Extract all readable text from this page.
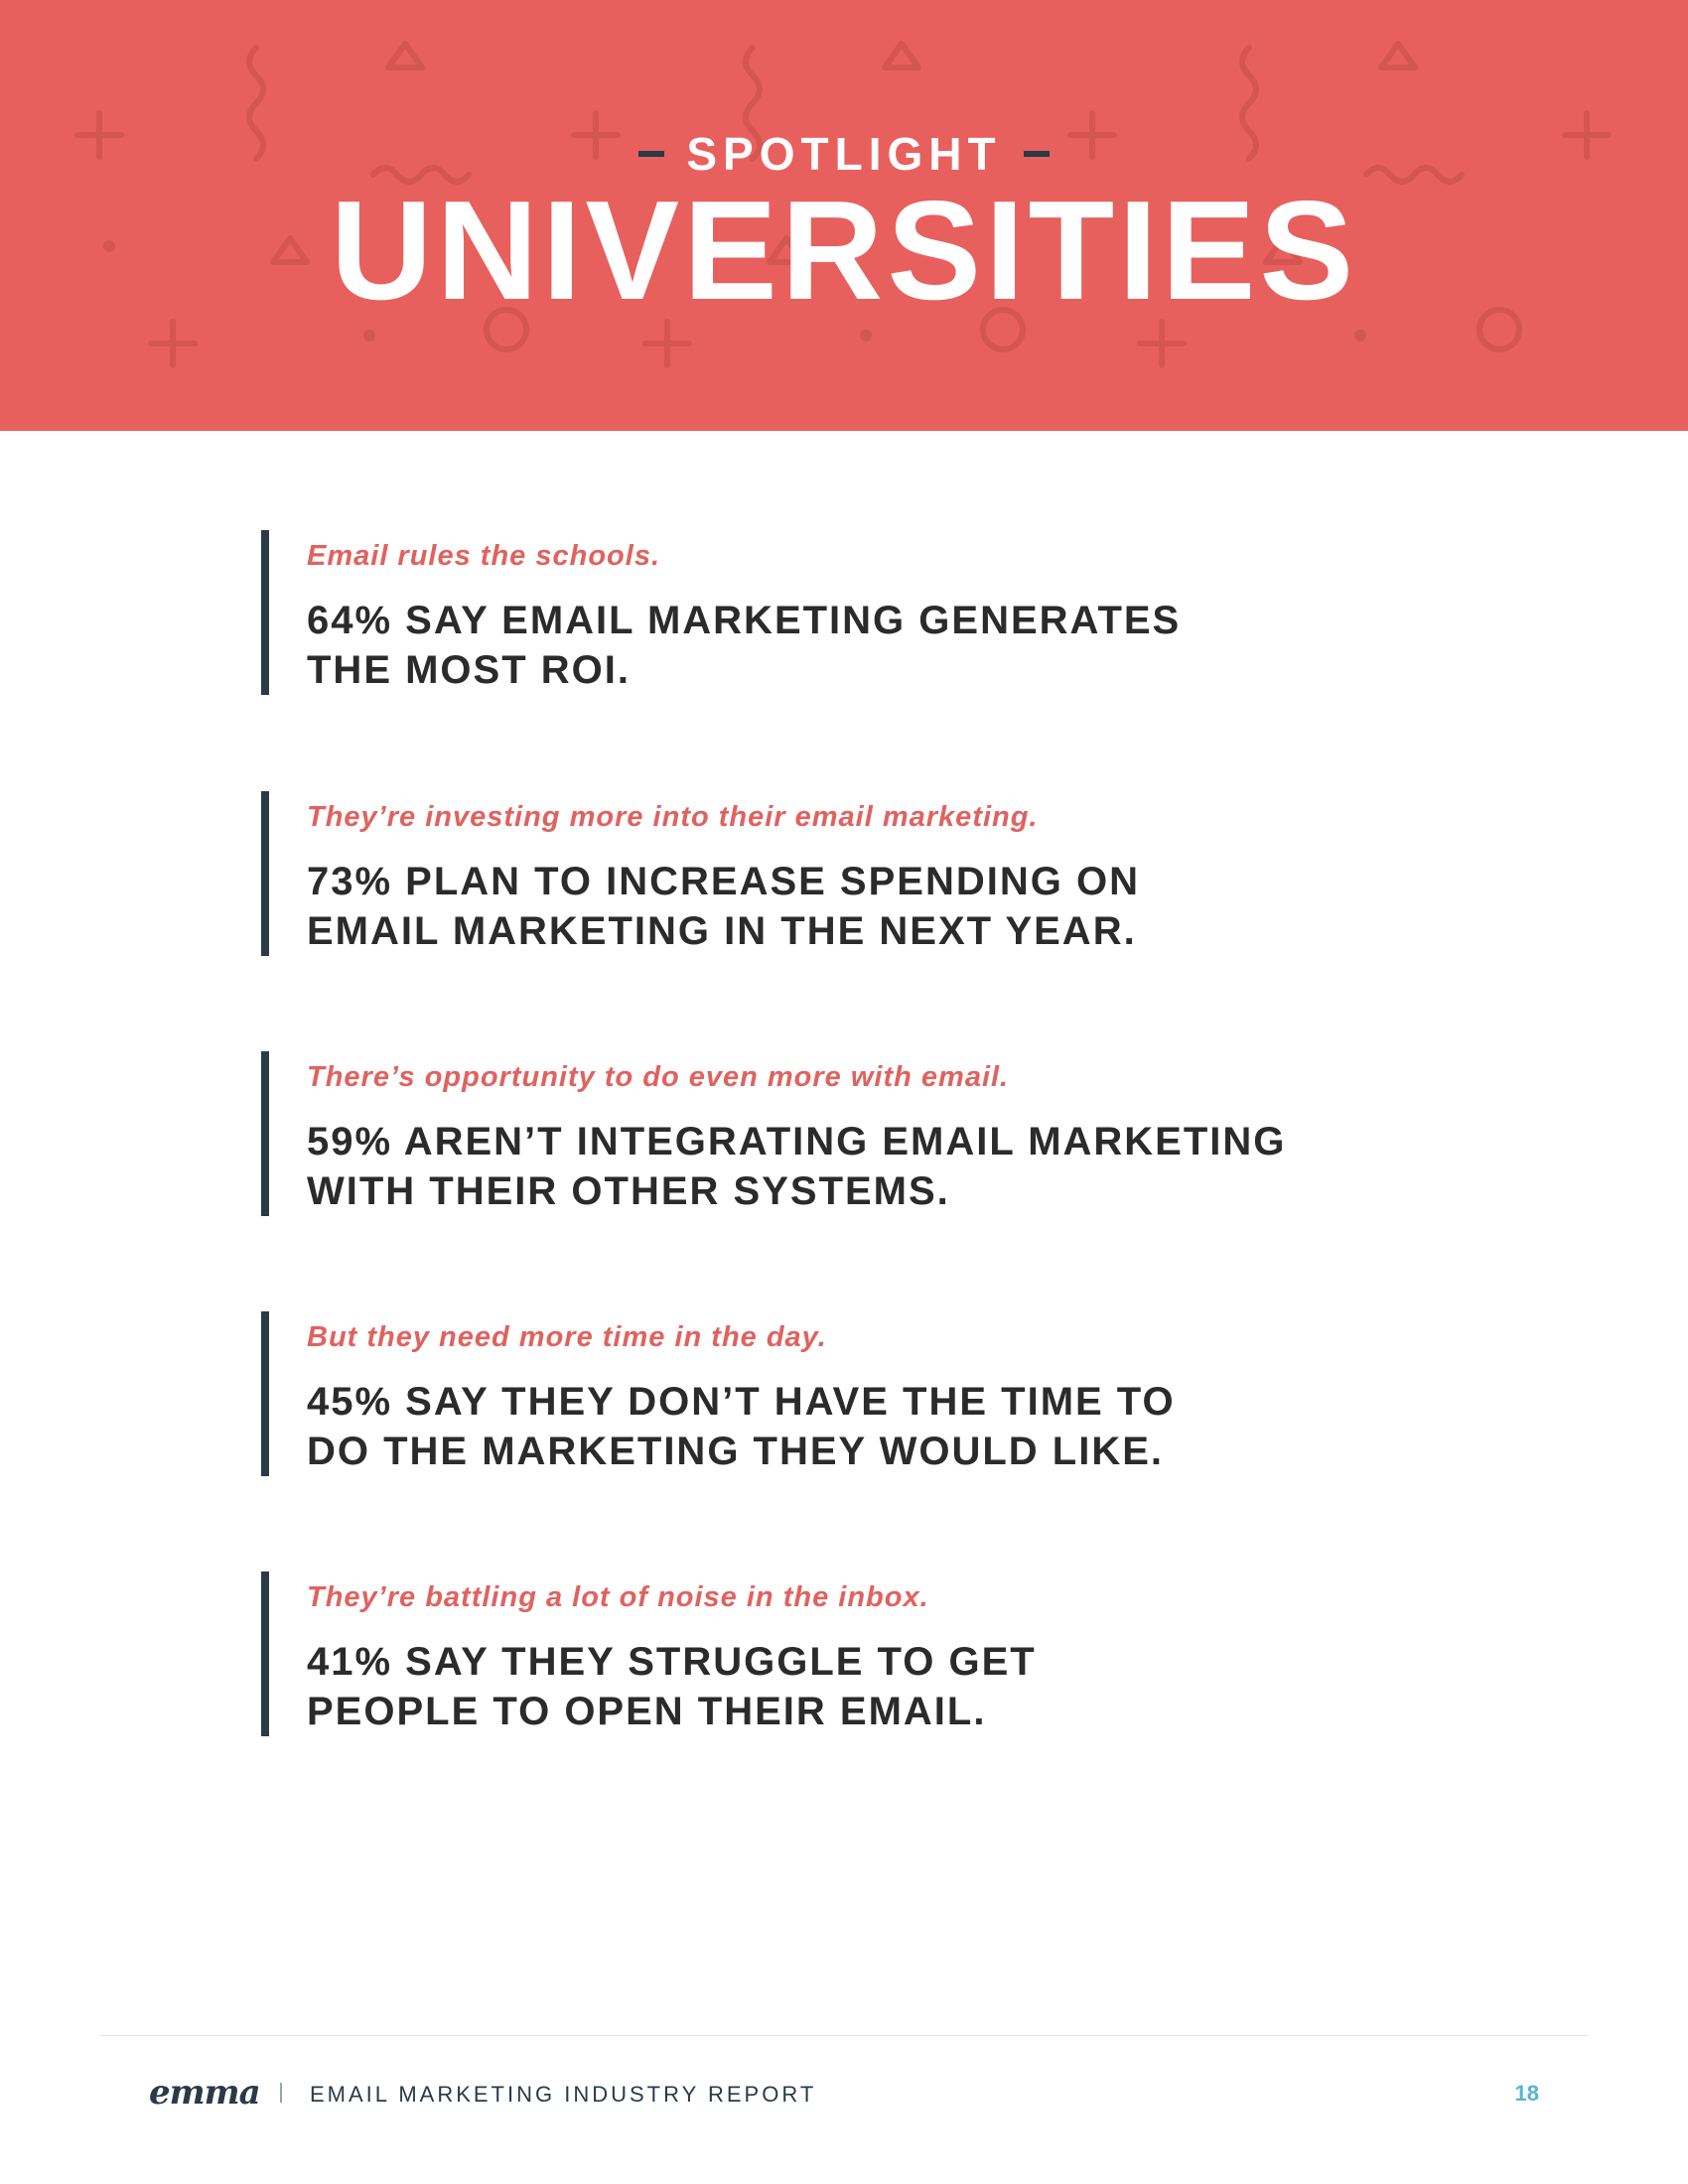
SPOTLIGHT
UNIVERSITIES
Email rules the schools.
64% SAY EMAIL MARKETING GENERATES
THE MOST ROI.
They’re investing more into their email marketing.
73% PLAN TO INCREASE SPENDING ON
EMAIL MARKETING IN THE NEXT YEAR.
There’s opportunity to do even more with email.
59% AREN’T INTEGRATING EMAIL MARKETING
WITH THEIR OTHER SYSTEMS.
But they need more time in the day.
45% SAY THEY DON’T HAVE THE TIME TO
DO THE MARKETING THEY WOULD LIKE.
They’re battling a lot of noise in the inbox.
41% SAY THEY STRUGGLE TO GET
PEOPLE TO OPEN THEIR EMAIL.
emma EMAIL MARKETING INDUSTRY REPORT	18
